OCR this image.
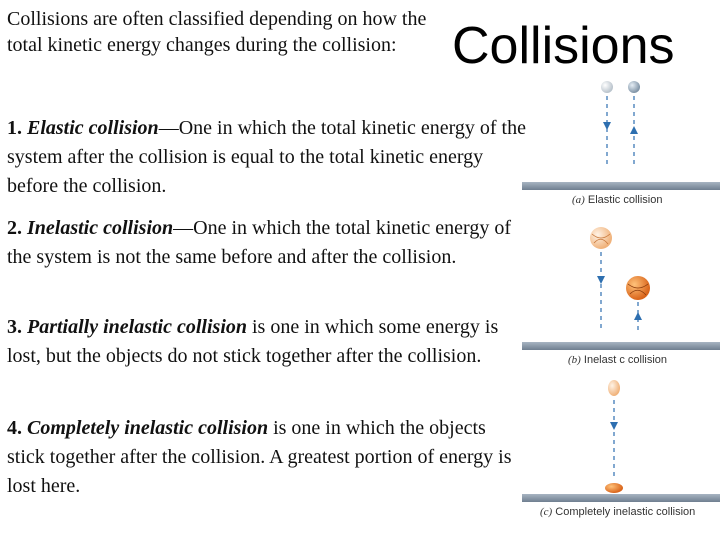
Collisions are often classified depending on how the total kinetic energy changes during the collision:	Collisions
1. Elastic collision—One in which the total kinetic energy of the system after the collision is equal to the total kinetic energy before the collision.
2. Inelastic collision—One in which the total kinetic energy of the system is not the same before and after the collision.
3. Partially inelastic collision is one in which some energy is lost, but the objects do not stick together after the collision.
4. Completely inelastic collision is one in which the objects stick together after the collision. A greatest portion of energy is lost here.
(a) Elastic collision
(b) Inelast c collision
(c) Completely inelastic collision
